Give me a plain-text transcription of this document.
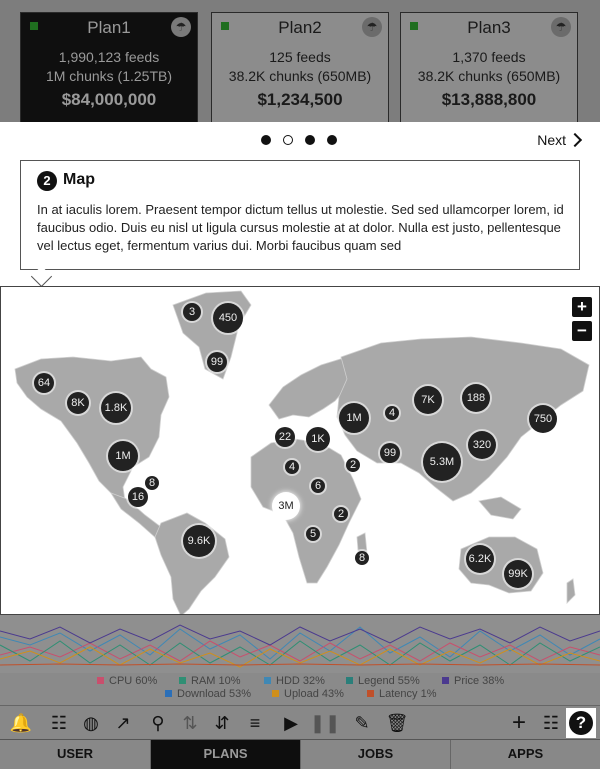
Plan1	☂
1,990,123 feeds
1M chunks (1.25TB)
$84,000,000
Plan2	☂
125 feeds
38.2K chunks (650MB)
$1,234,500
Plan3	☂
1,370 feeds
38.2K chunks (650MB)
$13,888,800
Next
2 Map
In at iaculis lorem. Praesent tempor dictum tellus ut molestie. Sed sed ullamcorper lorem, id faucibus odio. Duis eu nisl ut ligula cursus molestie at at dolor. Nulla est justo, pellentesque vel lectus eget, fermentum varius dui. Morbi faucibus quam sed
+
−
3	450
99
64
8K	1.8K
1M
8
16
9.6K
22	1K
1M	4
7K	188
750
320
99
5.3M
2
4
6
3M
2
5
8	6.2K
99K
CPU 60%	RAM 10%	HDD 32%	Legend 55%	Price 38%
Download 53%	Upload 43%	Latency 1%
🔔	☷ ◍ ↗	⚲ ⇅ ⇵	≡	▶ ❚❚ ✎ 🗑	+ ☷ ?
USER	PLANS	JOBS	APPS
